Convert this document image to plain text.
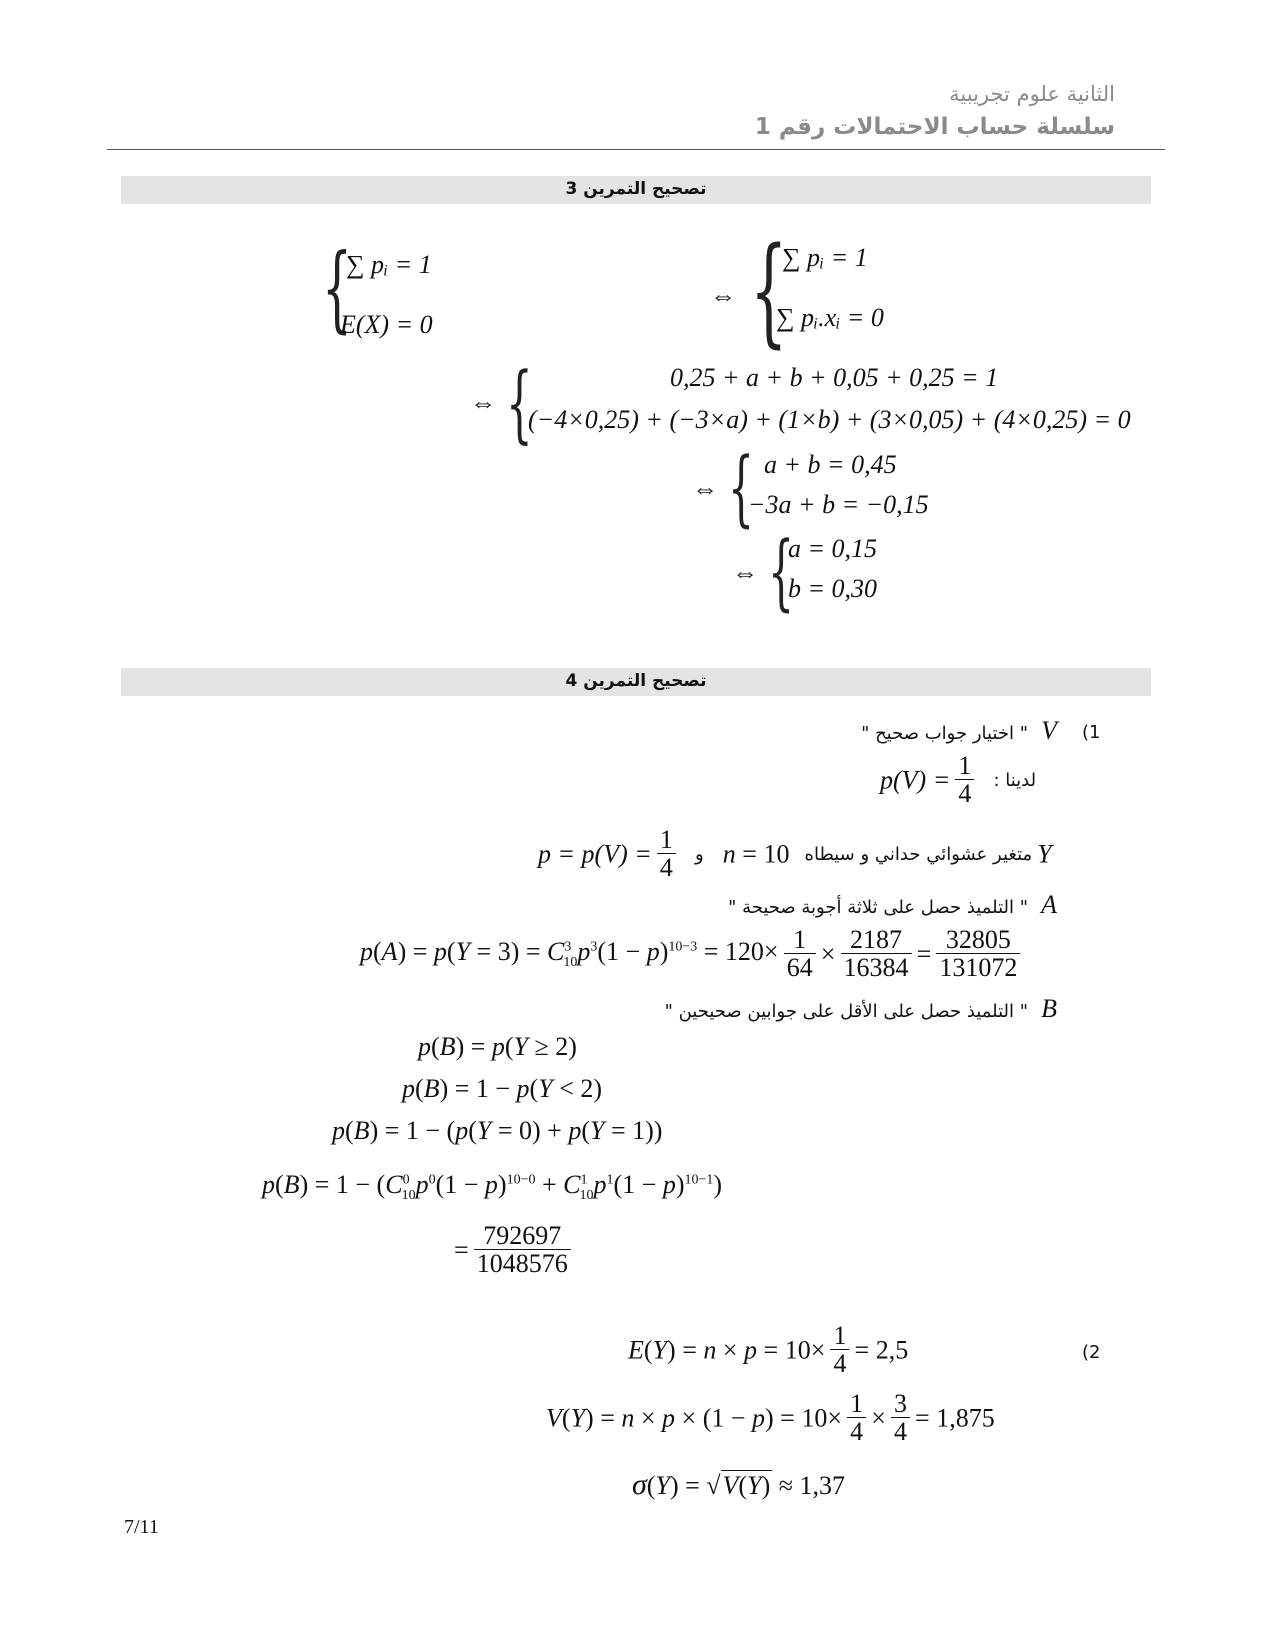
الثانية علوم تجريبية
سلسلة حساب الاحتمالات رقم 1
تصحيح التمرين 3
{
∑ pᵢ = 1
E(X) = 0
⇔ {
∑ pᵢ = 1
∑ pᵢ.xᵢ = 0
⇔ {	0,25 + a + b + 0,05 + 0,25 = 1
(−4×0,25) + (−3×a) + (1×b) + (3×0,05) + (4×0,25) = 0
⇔ { a + b = 0,45
−3a + b = −0,15
⇔ {
a = 0,15
b = 0,30
تصحيح التمرين 4
(1
" اختيار جواب صحيح " V
$p(V) = \frac{1}{4}$ لدينا :
$p = p(V) = \frac{1}{4}$ و n = 10 متغير عشوائي حداني و سيطاه Y
" التلميذ حصل على ثلاثة أجوبة صحيحة " A
$p(A) = p(Y = 3) = C^3_{10}p^3(1 - p)^{10-3} = 120\times \frac{1}{64} \times \frac{2187}{16384} = \frac{32805}{131072}$
" التلميذ حصل على الأقل على جوابين صحيحين " B
p(B) = p(Y ≥ 2)
p(B) = 1 − p(Y < 2)
p(B) = 1 − (p(Y = 0) + p(Y = 1))
$p(B) = 1 - (C^0_{10}p^0(1 - p)^{10-0} + C^1_{10}p^1(1 - p)^{10-1})$
= $\frac{792697}{1048576}$
(2
$E(Y) = n \times p = 10\times \frac{1}{4} = 2,5$
$V(Y) = n \times p \times (1 - p) = 10\times \frac{1}{4} \times \frac{3}{4} = 1,875$
σ(Y) = √V(Y) ≈ 1,37
7/11
